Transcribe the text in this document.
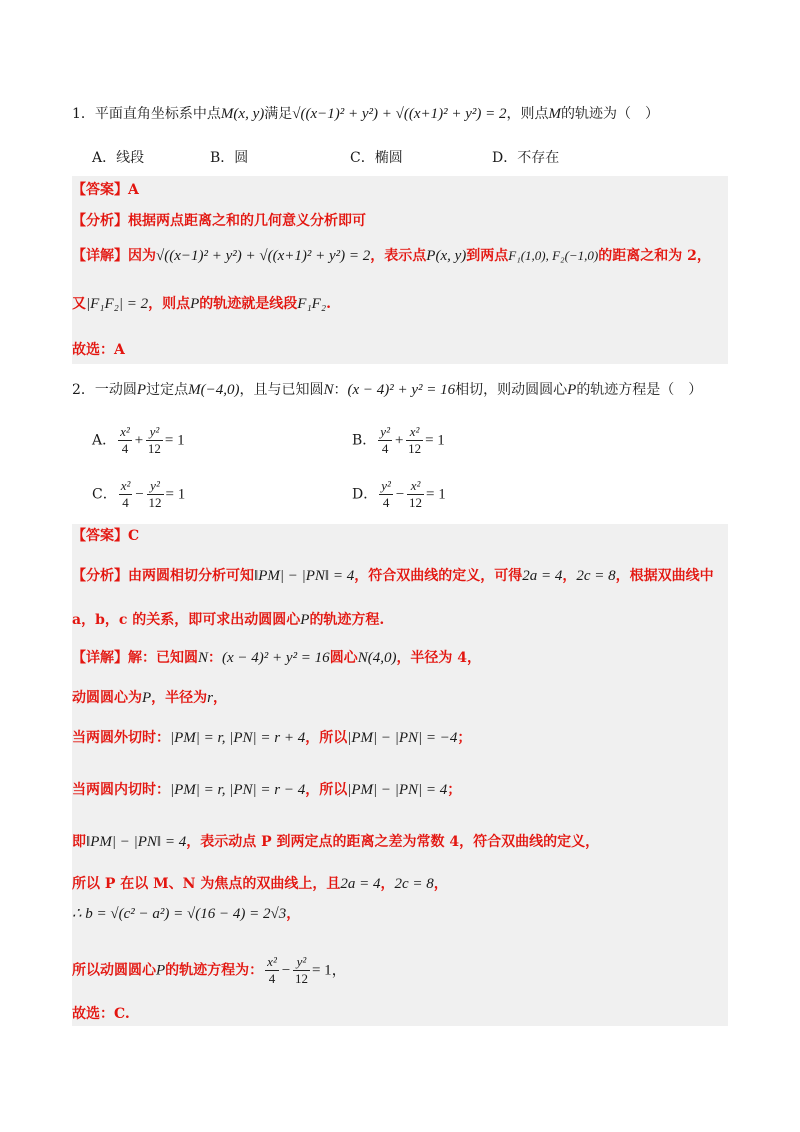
1．平面直角坐标系中点M(x, y)满足√((x−1)² + y²) + √((x+1)² + y²) = 2，则点M的轨迹为（　）
A．线段	B．圆	C．椭圆	D．不存在
【答案】A
【分析】根据两点距离之和的几何意义分析即可
【详解】因为√((x−1)² + y²) + √((x+1)² + y²) = 2，表示点P(x, y)到两点F₁(1,0), F₂(−1,0)的距离之和为 2，
又|F₁F₂| = 2，则点P的轨迹就是线段F₁F₂.
故选：A
2．一动圆P过定点M(−4,0)，且与已知圆N：(x − 4)² + y² = 16相切，则动圆圆心P的轨迹方程是（　）
A． $\frac{\text{x²}}{4} + \frac{\text{y²}}{12} = 1$	B． $\frac{\text{y²}}{4} + \frac{\text{x²}}{12} = 1$
C． $\frac{\text{x²}}{4} - \frac{\text{y²}}{12} = 1$	D． $\frac{\text{y²}}{4} - \frac{\text{x²}}{12} = 1$
【答案】C
【分析】由两圆相切分析可知‖PM| − |PN‖ = 4，符合双曲线的定义，可得2a = 4，2c = 8，根据双曲线中
a，b，c 的关系，即可求出动圆圆心P的轨迹方程.
【详解】解：已知圆N：(x − 4)² + y² = 16圆心N(4,0)，半径为 4，
动圆圆心为P，半径为r，
当两圆外切时：|PM| = r, |PN| = r + 4，所以|PM| − |PN| = −4；
当两圆内切时：|PM| = r, |PN| = r − 4，所以|PM| − |PN| = 4；
即‖PM| − |PN‖ = 4，表示动点 P 到两定点的距离之差为常数 4，符合双曲线的定义，
所以 P 在以 M、N 为焦点的双曲线上，且2a = 4，2c = 8，
∴ b = √(c² − a²) = √(16 − 4) = 2√3，
所以动圆圆心P的轨迹方程为： $\frac{\text{x²}}{4} - \frac{\text{y²}}{12} = 1$，
故选：C.
